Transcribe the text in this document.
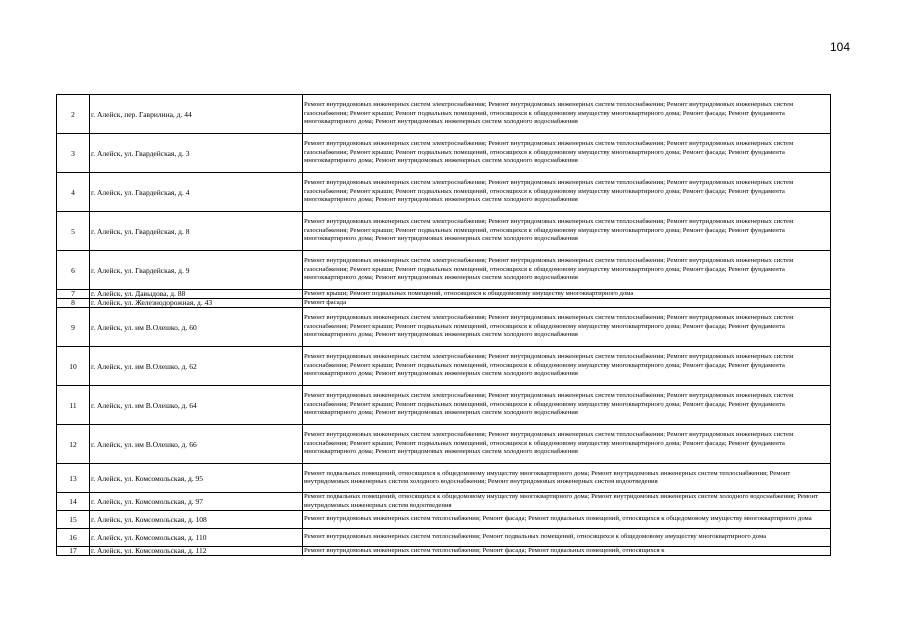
104
2	г. Алейск, пер. Гаврилина, д. 44	Ремонт внутридомовых инженерных систем электроснабжения; Ремонт внутридомовых инженерных систем теплоснабжения; Ремонт внутридомовых инженерных систем газоснабжения; Ремонт крыши; Ремонт подвальных помещений, относящихся к общедомовому имуществу многоквартирного дома; Ремонт фасада; Ремонт фундамента многоквартирного дома; Ремонт внутридомовых инженерных систем холодного водоснабжения
3	г. Алейск, ул. Гвардейская, д. 3	Ремонт внутридомовых инженерных систем электроснабжения; Ремонт внутридомовых инженерных систем теплоснабжения; Ремонт внутридомовых инженерных систем газоснабжения; Ремонт крыши; Ремонт подвальных помещений, относящихся к общедомовому имуществу многоквартирного дома; Ремонт фасада; Ремонт фундамента многоквартирного дома; Ремонт внутридомовых инженерных систем холодного водоснабжения
4	г. Алейск, ул. Гвардейская, д. 4	Ремонт внутридомовых инженерных систем электроснабжения; Ремонт внутридомовых инженерных систем теплоснабжения; Ремонт внутридомовых инженерных систем газоснабжения; Ремонт крыши; Ремонт подвальных помещений, относящихся к общедомовому имуществу многоквартирного дома; Ремонт фасада; Ремонт фундамента многоквартирного дома; Ремонт внутридомовых инженерных систем холодного водоснабжения
5	г. Алейск, ул. Гвардейская, д. 8	Ремонт внутридомовых инженерных систем электроснабжения; Ремонт внутридомовых инженерных систем теплоснабжения; Ремонт внутридомовых инженерных систем газоснабжения; Ремонт крыши; Ремонт подвальных помещений, относящихся к общедомовому имуществу многоквартирного дома; Ремонт фасада; Ремонт фундамента многоквартирного дома; Ремонт внутридомовых инженерных систем холодного водоснабжения
6	г. Алейск, ул. Гвардейская, д. 9	Ремонт внутридомовых инженерных систем электроснабжения; Ремонт внутридомовых инженерных систем теплоснабжения; Ремонт внутридомовых инженерных систем газоснабжения; Ремонт крыши; Ремонт подвальных помещений, относящихся к общедомовому имуществу многоквартирного дома; Ремонт фасада; Ремонт фундамента многоквартирного дома; Ремонт внутридомовых инженерных систем холодного водоснабжения
7	г. Алейск, ул. Давыдова, д. 88	Ремонт крыши; Ремонт подвальных помещений, относящихся к общедомовому имуществу многоквартирного дома
8	г. Алейск, ул. Железнодорожная, д. 43	Ремонт фасада
9	г. Алейск, ул. им В.Олешко, д. 60	Ремонт внутридомовых инженерных систем электроснабжения; Ремонт внутридомовых инженерных систем теплоснабжения; Ремонт внутридомовых инженерных систем газоснабжения; Ремонт крыши; Ремонт подвальных помещений, относящихся к общедомовому имуществу многоквартирного дома; Ремонт фасада; Ремонт фундамента многоквартирного дома; Ремонт внутридомовых инженерных систем холодного водоснабжения
10	г. Алейск, ул. им В.Олешко, д. 62	Ремонт внутридомовых инженерных систем электроснабжения; Ремонт внутридомовых инженерных систем теплоснабжения; Ремонт внутридомовых инженерных систем газоснабжения; Ремонт крыши; Ремонт подвальных помещений, относящихся к общедомовому имуществу многоквартирного дома; Ремонт фасада; Ремонт фундамента многоквартирного дома; Ремонт внутридомовых инженерных систем холодного водоснабжения
11	г. Алейск, ул. им В.Олешко, д. 64	Ремонт внутридомовых инженерных систем электроснабжения; Ремонт внутридомовых инженерных систем теплоснабжения; Ремонт внутридомовых инженерных систем газоснабжения; Ремонт крыши; Ремонт подвальных помещений, относящихся к общедомовому имуществу многоквартирного дома; Ремонт фасада; Ремонт фундамента многоквартирного дома; Ремонт внутридомовых инженерных систем холодного водоснабжения
12	г. Алейск, ул. им В.Олешко, д. 66	Ремонт внутридомовых инженерных систем электроснабжения; Ремонт внутридомовых инженерных систем теплоснабжения; Ремонт внутридомовых инженерных систем газоснабжения; Ремонт крыши; Ремонт подвальных помещений, относящихся к общедомовому имуществу многоквартирного дома; Ремонт фасада; Ремонт фундамента многоквартирного дома; Ремонт внутридомовых инженерных систем холодного водоснабжения
13	г. Алейск, ул. Комсомольская, д. 95	Ремонт подвальных помещений, относящихся к общедомовому имуществу многоквартирного дома; Ремонт внутридомовых инженерных систем теплоснабжения; Ремонт внутридомовых инженерных систем холодного водоснабжения; Ремонт внутридомовых инженерных систем водоотведения
14	г. Алейск, ул. Комсомольская, д. 97	Ремонт подвальных помещений, относящихся к общедомовому имуществу многоквартирного дома; Ремонт внутридомовых инженерных систем холодного водоснабжения; Ремонт внутридомовых инженерных систем водоотведения
15	г. Алейск, ул. Комсомольская, д. 108	Ремонт внутридомовых инженерных систем теплоснабжения; Ремонт фасада; Ремонт подвальных помещений, относящихся к общедомовому имуществу многоквартирного дома
16	г. Алейск, ул. Комсомольская, д. 110	Ремонт внутридомовых инженерных систем теплоснабжения; Ремонт подвальных помещений, относящихся к общедомовому имуществу многоквартирного дома
17	г. Алейск, ул. Комсомольская, д. 112	Ремонт внутридомовых инженерных систем теплоснабжения; Ремонт фасада; Ремонт подвальных помещений, относящихся к
